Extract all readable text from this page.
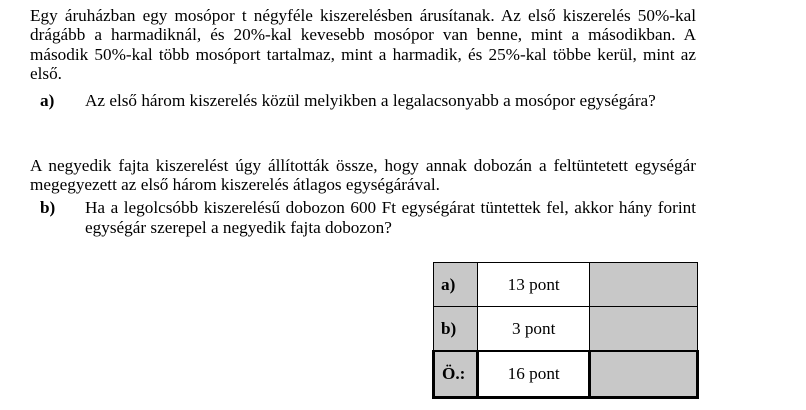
Egy áruházban egy mosópor t négyféle kiszerelésben árusítanak. Az első kiszerelés 50%-kal drágább a harmadiknál, és 20%-kal kevesebb mosópor van benne, mint a másodikban. A második 50%-kal több mosóport tartalmaz, mint a harmadik, és 25%-kal többe kerül, mint az első.
a) Az első három kiszerelés közül melyikben a legalacsonyabb a mosópor egységára?
A negyedik fajta kiszerelést úgy állították össze, hogy annak dobozán a feltüntetett egységár megegyezett az első három kiszerelés átlagos egységárával.
b) Ha a legolcsóbb kiszerelésű dobozon 600 Ft egységárat tüntettek fel, akkor hány forint egységár szerepel a negyedik fajta dobozon?
a)	13 pont	
b)	3 pont	
Ö.:	16 pont	
